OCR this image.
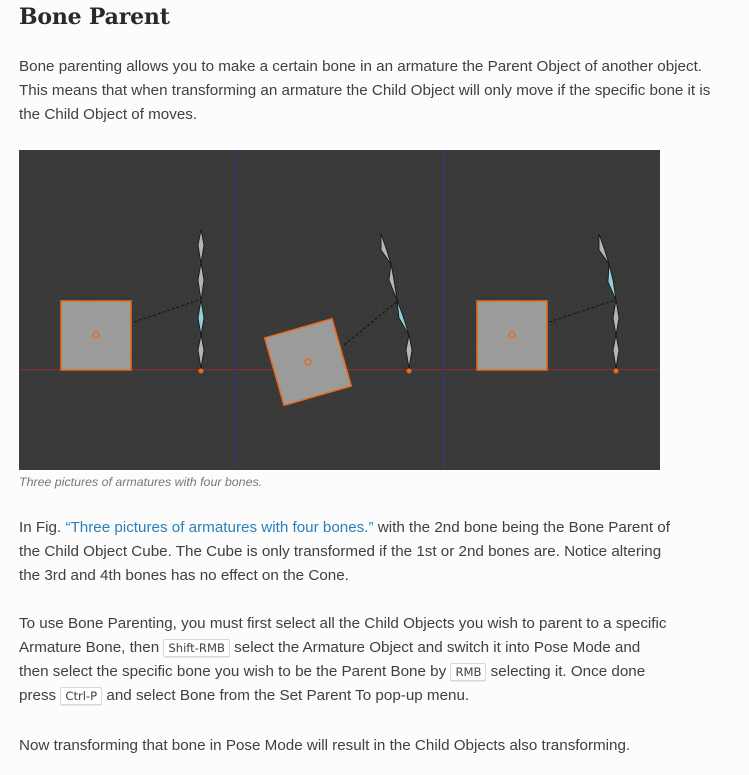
Bone Parent

Bone parenting allows you to make a certain bone in an armature the Parent Object of another object. This means that when transforming an armature the Child Object will only move if the specific bone it is the Child Object of moves.

Three pictures of armatures with four bones.

In Fig. “Three pictures of armatures with four bones.” with the 2nd bone being the Bone Parent of
the Child Object Cube. The Cube is only transformed if the 1st or 2nd bones are. Notice altering
the 3rd and 4th bones has no effect on the Cone.

To use Bone Parenting, you must first select all the Child Objects you wish to parent to a specific
Armature Bone, then Shift-RMB select the Armature Object and switch it into Pose Mode and
then select the specific bone you wish to be the Parent Bone by RMB selecting it. Once done
press Ctrl-P and select Bone from the Set Parent To pop-up menu.

Now transforming that bone in Pose Mode will result in the Child Objects also transforming.
